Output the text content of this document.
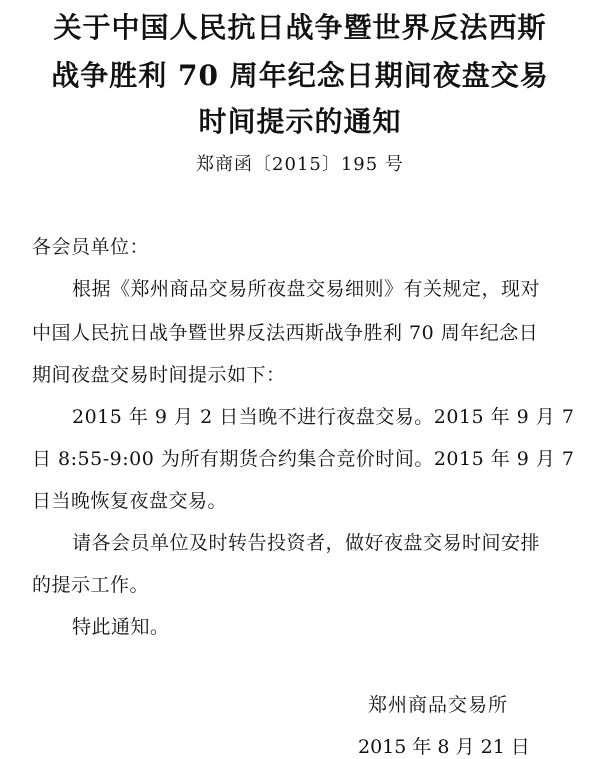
关于中国人民抗日战争暨世界反法西斯
战争胜利 70 周年纪念日期间夜盘交易
时间提示的通知
郑商函〔2015〕195 号
各会员单位：
根据《郑州商品交易所夜盘交易细则》有关规定，现对
中国人民抗日战争暨世界反法西斯战争胜利 70 周年纪念日
期间夜盘交易时间提示如下：
2015 年 9 月 2 日当晚不进行夜盘交易。2015 年 9 月 7
日 8:55-9:00 为所有期货合约集合竞价时间。2015 年 9 月 7
日当晚恢复夜盘交易。
请各会员单位及时转告投资者，做好夜盘交易时间安排
的提示工作。
特此通知。
郑州商品交易所
2015 年 8 月 21 日
